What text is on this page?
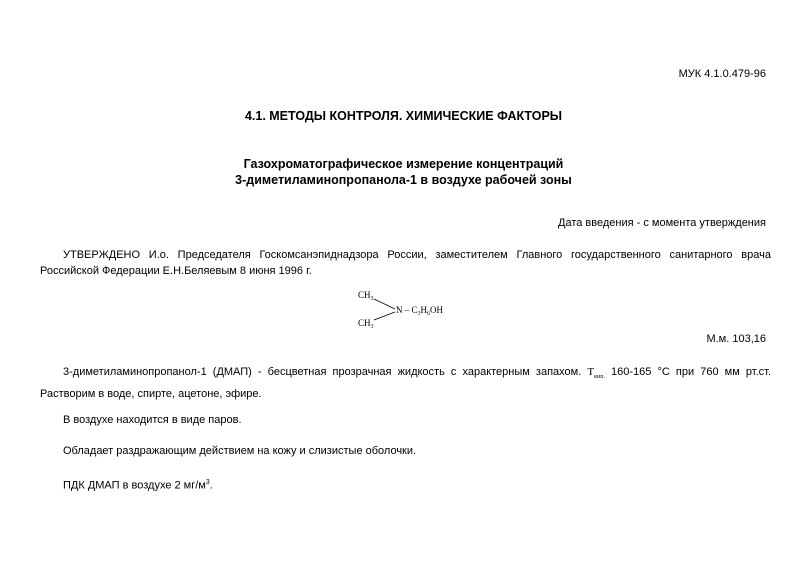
МУК 4.1.0.479-96
4.1. МЕТОДЫ КОНТРОЛЯ. ХИМИЧЕСКИЕ ФАКТОРЫ
Газохроматографическое измерение концентраций
3-диметиламинопропанола-1 в воздухе рабочей зоны
Дата введения - с момента утверждения
УТВЕРЖДЕНО И.о. Председателя Госкомсанэпиднадзора России, заместителем Главного государственного санитарного врача Российской Федерации Е.Н.Беляевым 8 июня 1996 г.
$CH_3$
$CH_3$
N – $C_3H_6OH$
М.м. 103,16
3-диметиламинопропанол-1 (ДМАП) - бесцветная прозрачная жидкость с характерным запахом. $T_{кип.}$ 160-165 °С при 760 мм рт.ст. Растворим в воде, спирте, ацетоне, эфире.
В воздухе находится в виде паров.
Обладает раздражающим действием на кожу и слизистые оболочки.
ПДК ДМАП в воздухе 2 $мг/м^3$.
